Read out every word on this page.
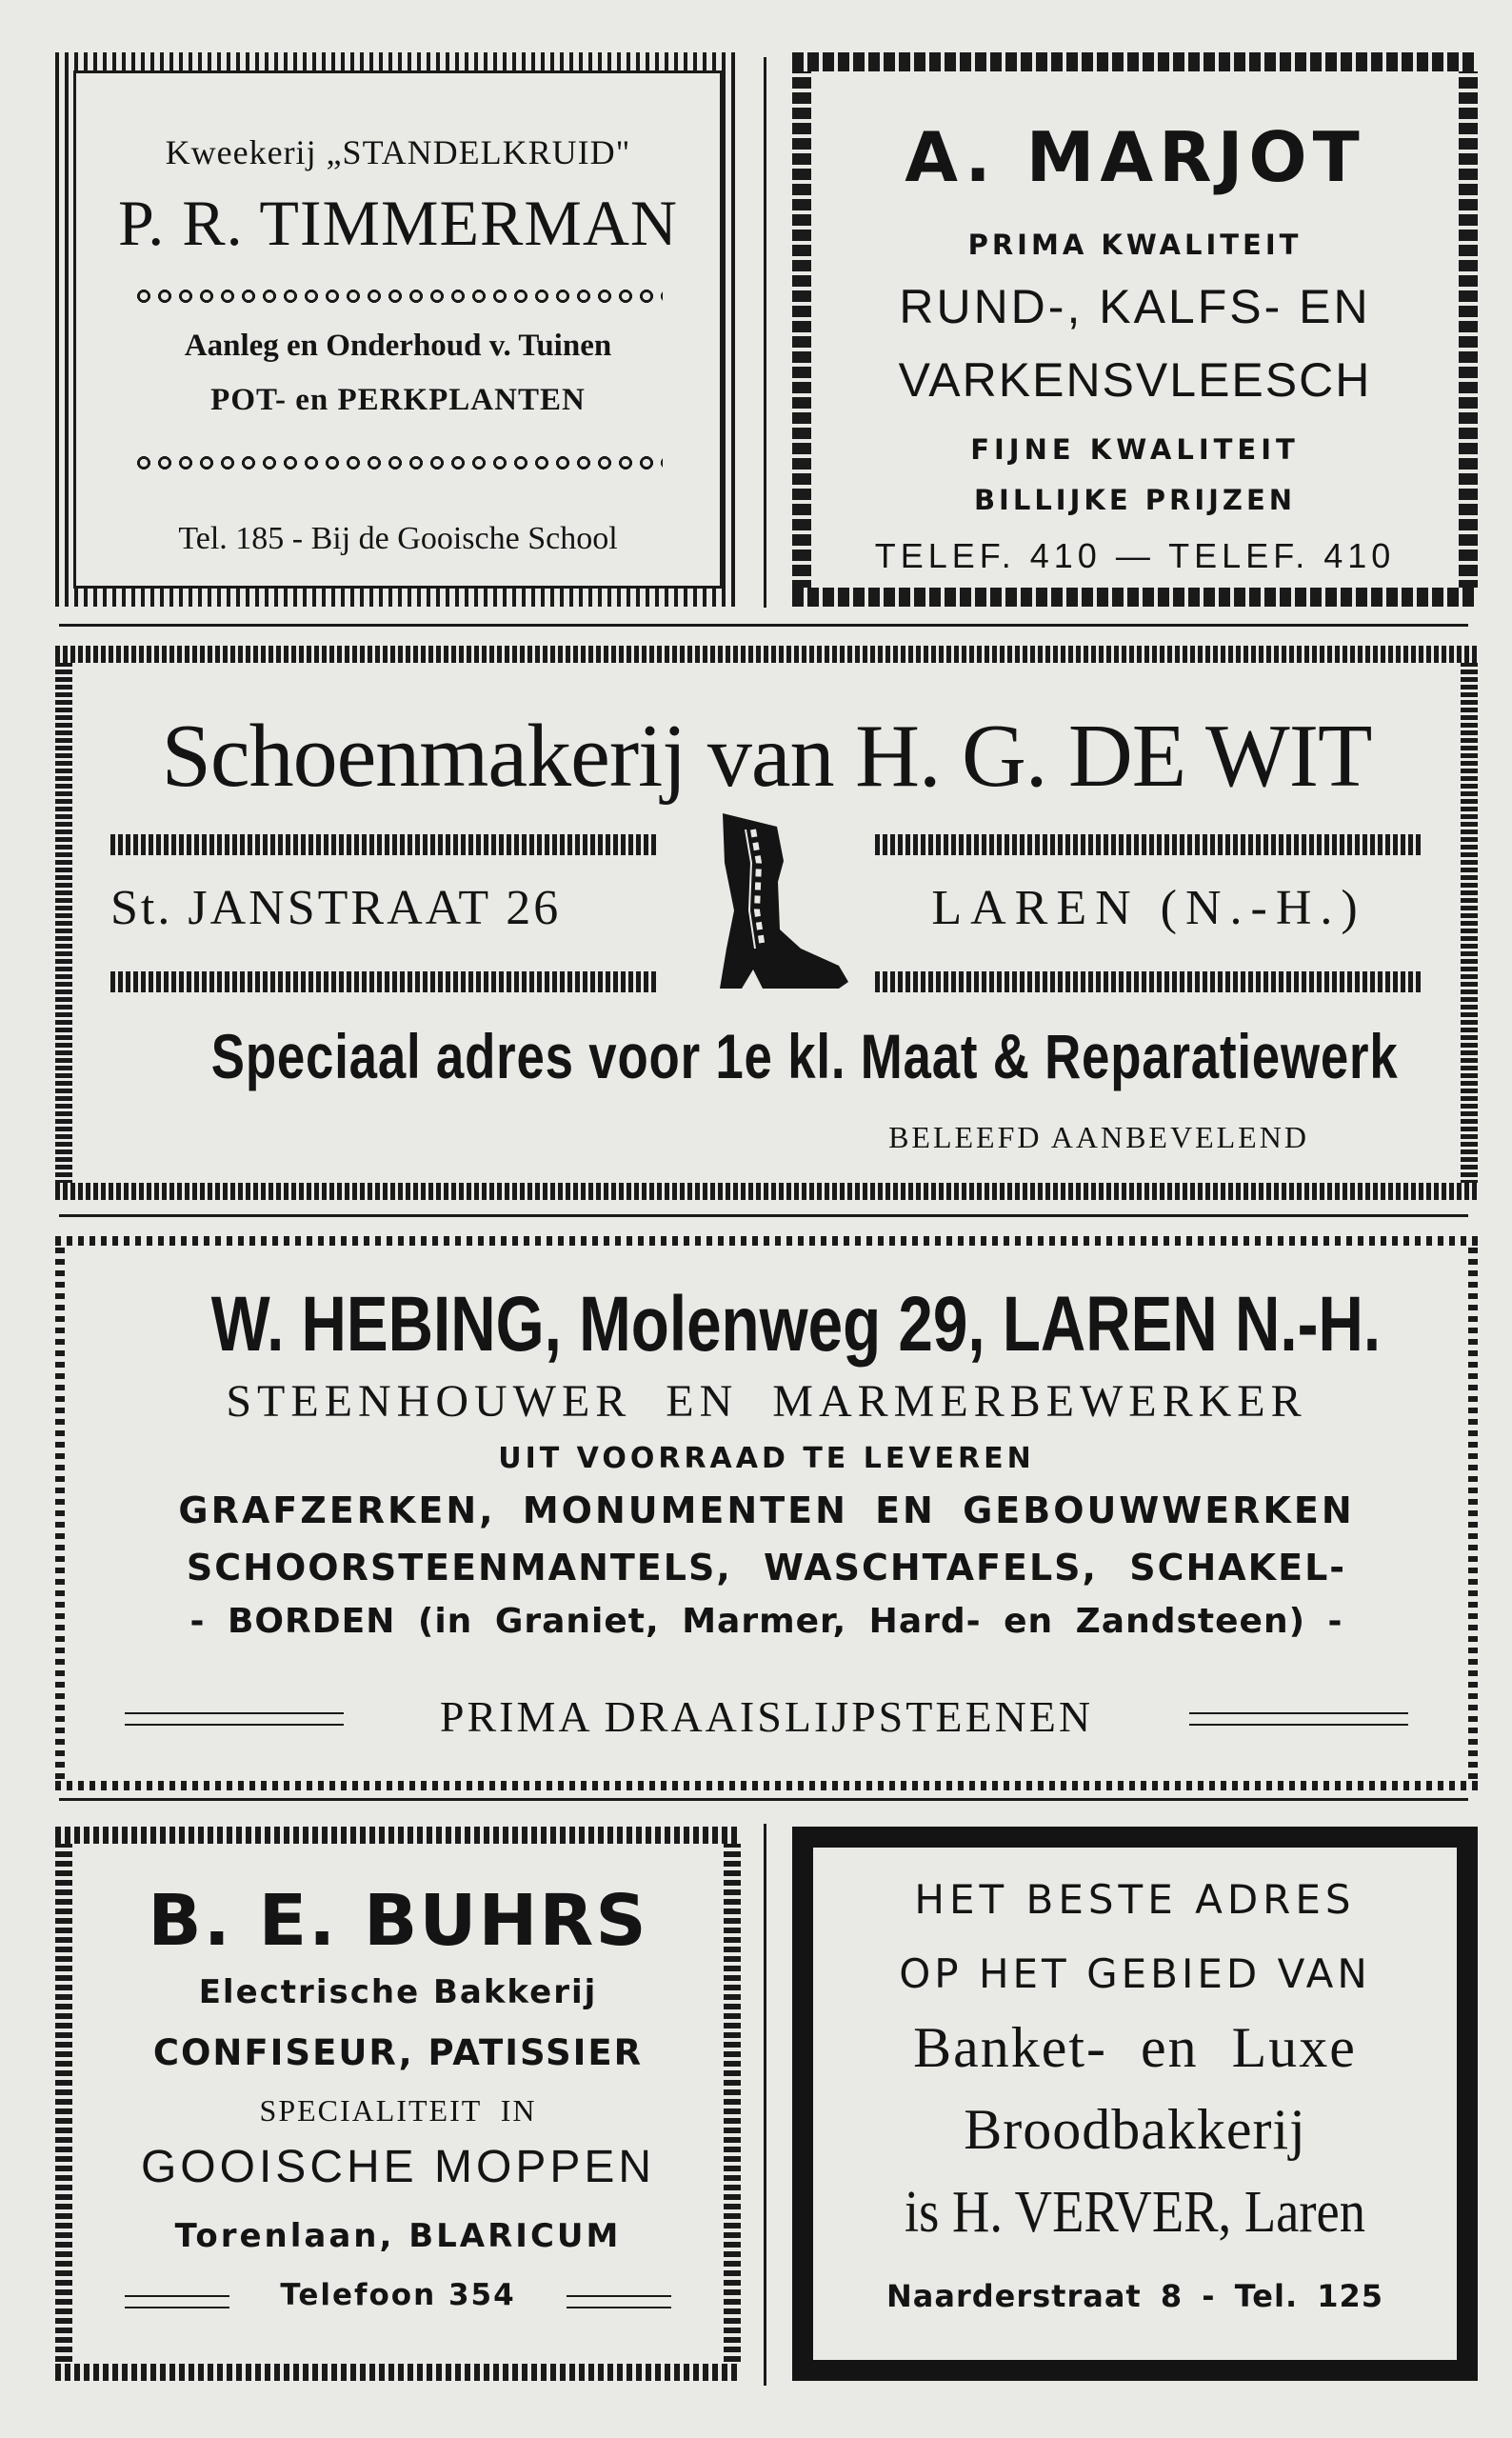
Kweekerij „STANDELKRUID"
P. R. TIMMERMAN
Aanleg en Onderhoud v. Tuinen
POT- en PERKPLANTEN
Tel. 185 - Bij de Gooische School
A. MARJOT
PRIMA KWALITEIT
RUND-, KALFS- EN
VARKENSVLEESCH
FIJNE KWALITEIT
BILLIJKE PRIJZEN
TELEF. 410 — TELEF. 410
Schoenmakerij van H. G. DE WIT
St. JANSTRAAT 26	LAREN (N.-H.)
Speciaal adres voor 1e kl. Maat & Reparatiewerk
BELEEFD AANBEVELEND
W. HEBING, Molenweg 29, LAREN N.-H.
STEENHOUWER EN MARMERBEWERKER
UIT VOORRAAD TE LEVEREN
GRAFZERKEN, MONUMENTEN EN GEBOUWWERKEN
SCHOORSTEENMANTELS, WASCHTAFELS, SCHAKEL-
- BORDEN (in Graniet, Marmer, Hard- en Zandsteen) -
PRIMA DRAAISLIJPSTEENEN
B. E. BUHRS
Electrische Bakkerij
CONFISEUR, PATISSIER
SPECIALITEIT IN
GOOISCHE MOPPEN
Torenlaan, BLARICUM
Telefoon 354
HET BESTE ADRES
OP HET GEBIED VAN
Banket- en Luxe
Broodbakkerij
is H. VERVER, Laren
Naarderstraat 8 - Tel. 125
